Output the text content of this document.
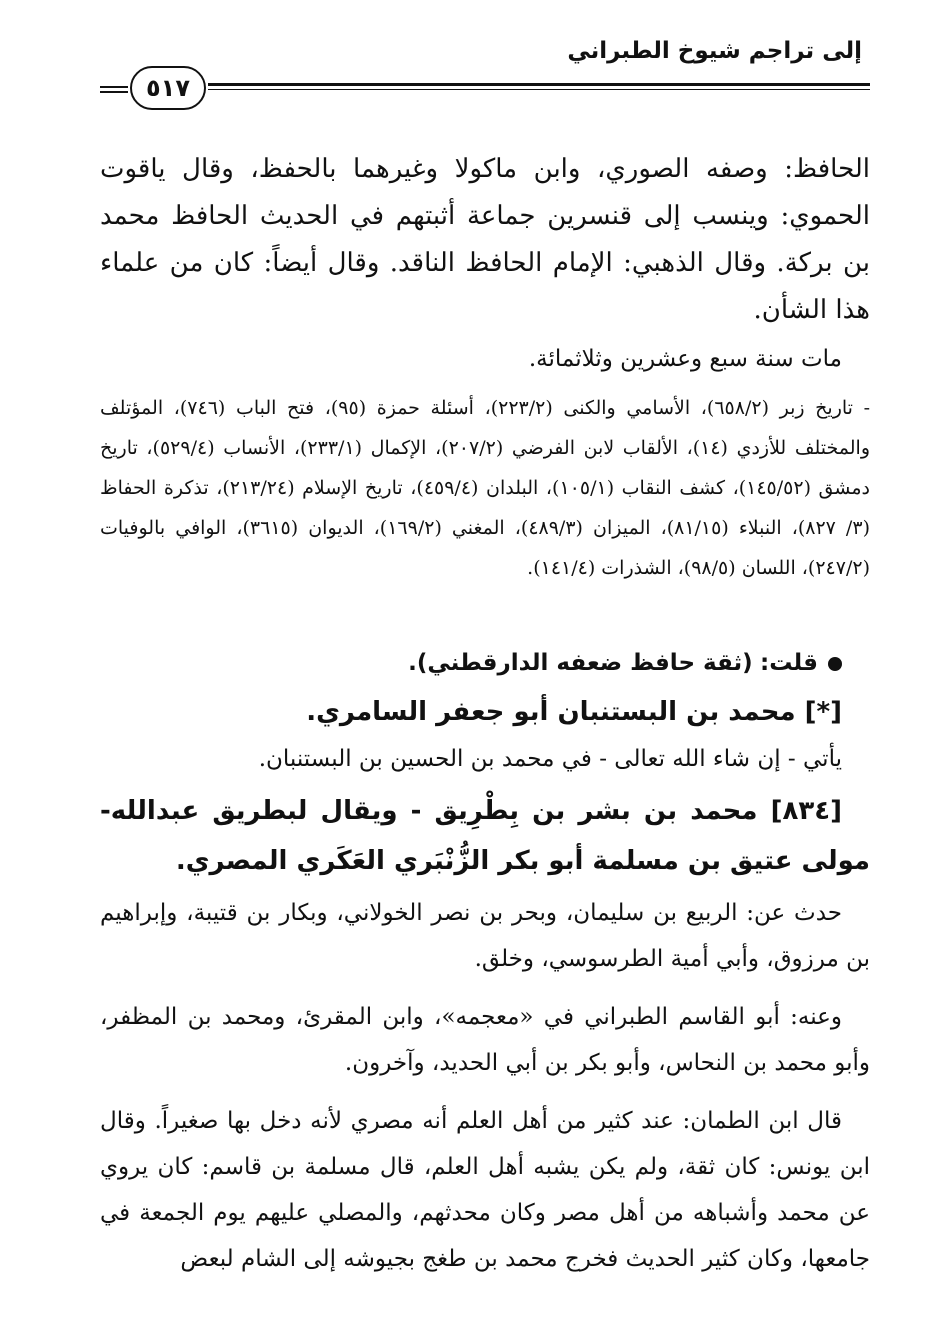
إلى تراجم شيوخ الطبراني
٥١٧
الحافظ: وصفه الصوري، وابن ماكولا وغيرهما بالحفظ، وقال ياقوت الحموي: وينسب إلى قنسرين جماعة أثبتهم في الحديث الحافظ محمد بن بركة. وقال الذهبي: الإمام الحافظ الناقد. وقال أيضاً: كان من علماء هذا الشأن.
مات سنة سبع وعشرين وثلاثمائة.
- تاريخ زبر (٦٥٨/٢)، الأسامي والكنى (٢٢٣/٢)، أسئلة حمزة (٩٥)، فتح الباب (٧٤٦)، المؤتلف والمختلف للأزدي (١٤)، الألقاب لابن الفرضي (٢٠٧/٢)، الإكمال (٢٣٣/١)، الأنساب (٥٢٩/٤)، تاريخ دمشق (١٤٥/٥٢)، كشف النقاب (١٠٥/١)، البلدان (٤٥٩/٤)، تاريخ الإسلام (٢١٣/٢٤)، تذكرة الحفاظ (٣/ ٨٢٧)، النبلاء (٨١/١٥)، الميزان (٤٨٩/٣)، المغني (١٦٩/٢)، الديوان (٣٦١٥)، الوافي بالوفيات (٢٤٧/٢)، اللسان (٩٨/٥)، الشذرات (١٤١/٤).
قلت: (ثقة حافظ ضعفه الدارقطني).
[*] محمد بن البستنبان أبو جعفر السامري.
يأتي - إن شاء الله تعالى - في محمد بن الحسين بن البستنبان.
[٨٣٤] محمد بن بشر بن بِطْرِيق - ويقال لبطريق عبدالله- مولى عتيق بن مسلمة أبو بكر الزُّنْبَري العَكَري المصري.
حدث عن: الربيع بن سليمان، وبحر بن نصر الخولاني، وبكار بن قتيبة، وإبراهيم بن مرزوق، وأبي أمية الطرسوسي، وخلق.
وعنه: أبو القاسم الطبراني في «معجمه»، وابن المقرئ، ومحمد بن المظفر، وأبو محمد بن النحاس، وأبو بكر بن أبي الحديد، وآخرون.
قال ابن الطمان: عند كثير من أهل العلم أنه مصري لأنه دخل بها صغيراً. وقال ابن يونس: كان ثقة، ولم يكن يشبه أهل العلم، قال مسلمة بن قاسم: كان يروي عن محمد وأشباهه من أهل مصر وكان محدثهم، والمصلي عليهم يوم الجمعة في جامعها، وكان كثير الحديث فخرج محمد بن طغج بجيوشه إلى الشام لبعض
